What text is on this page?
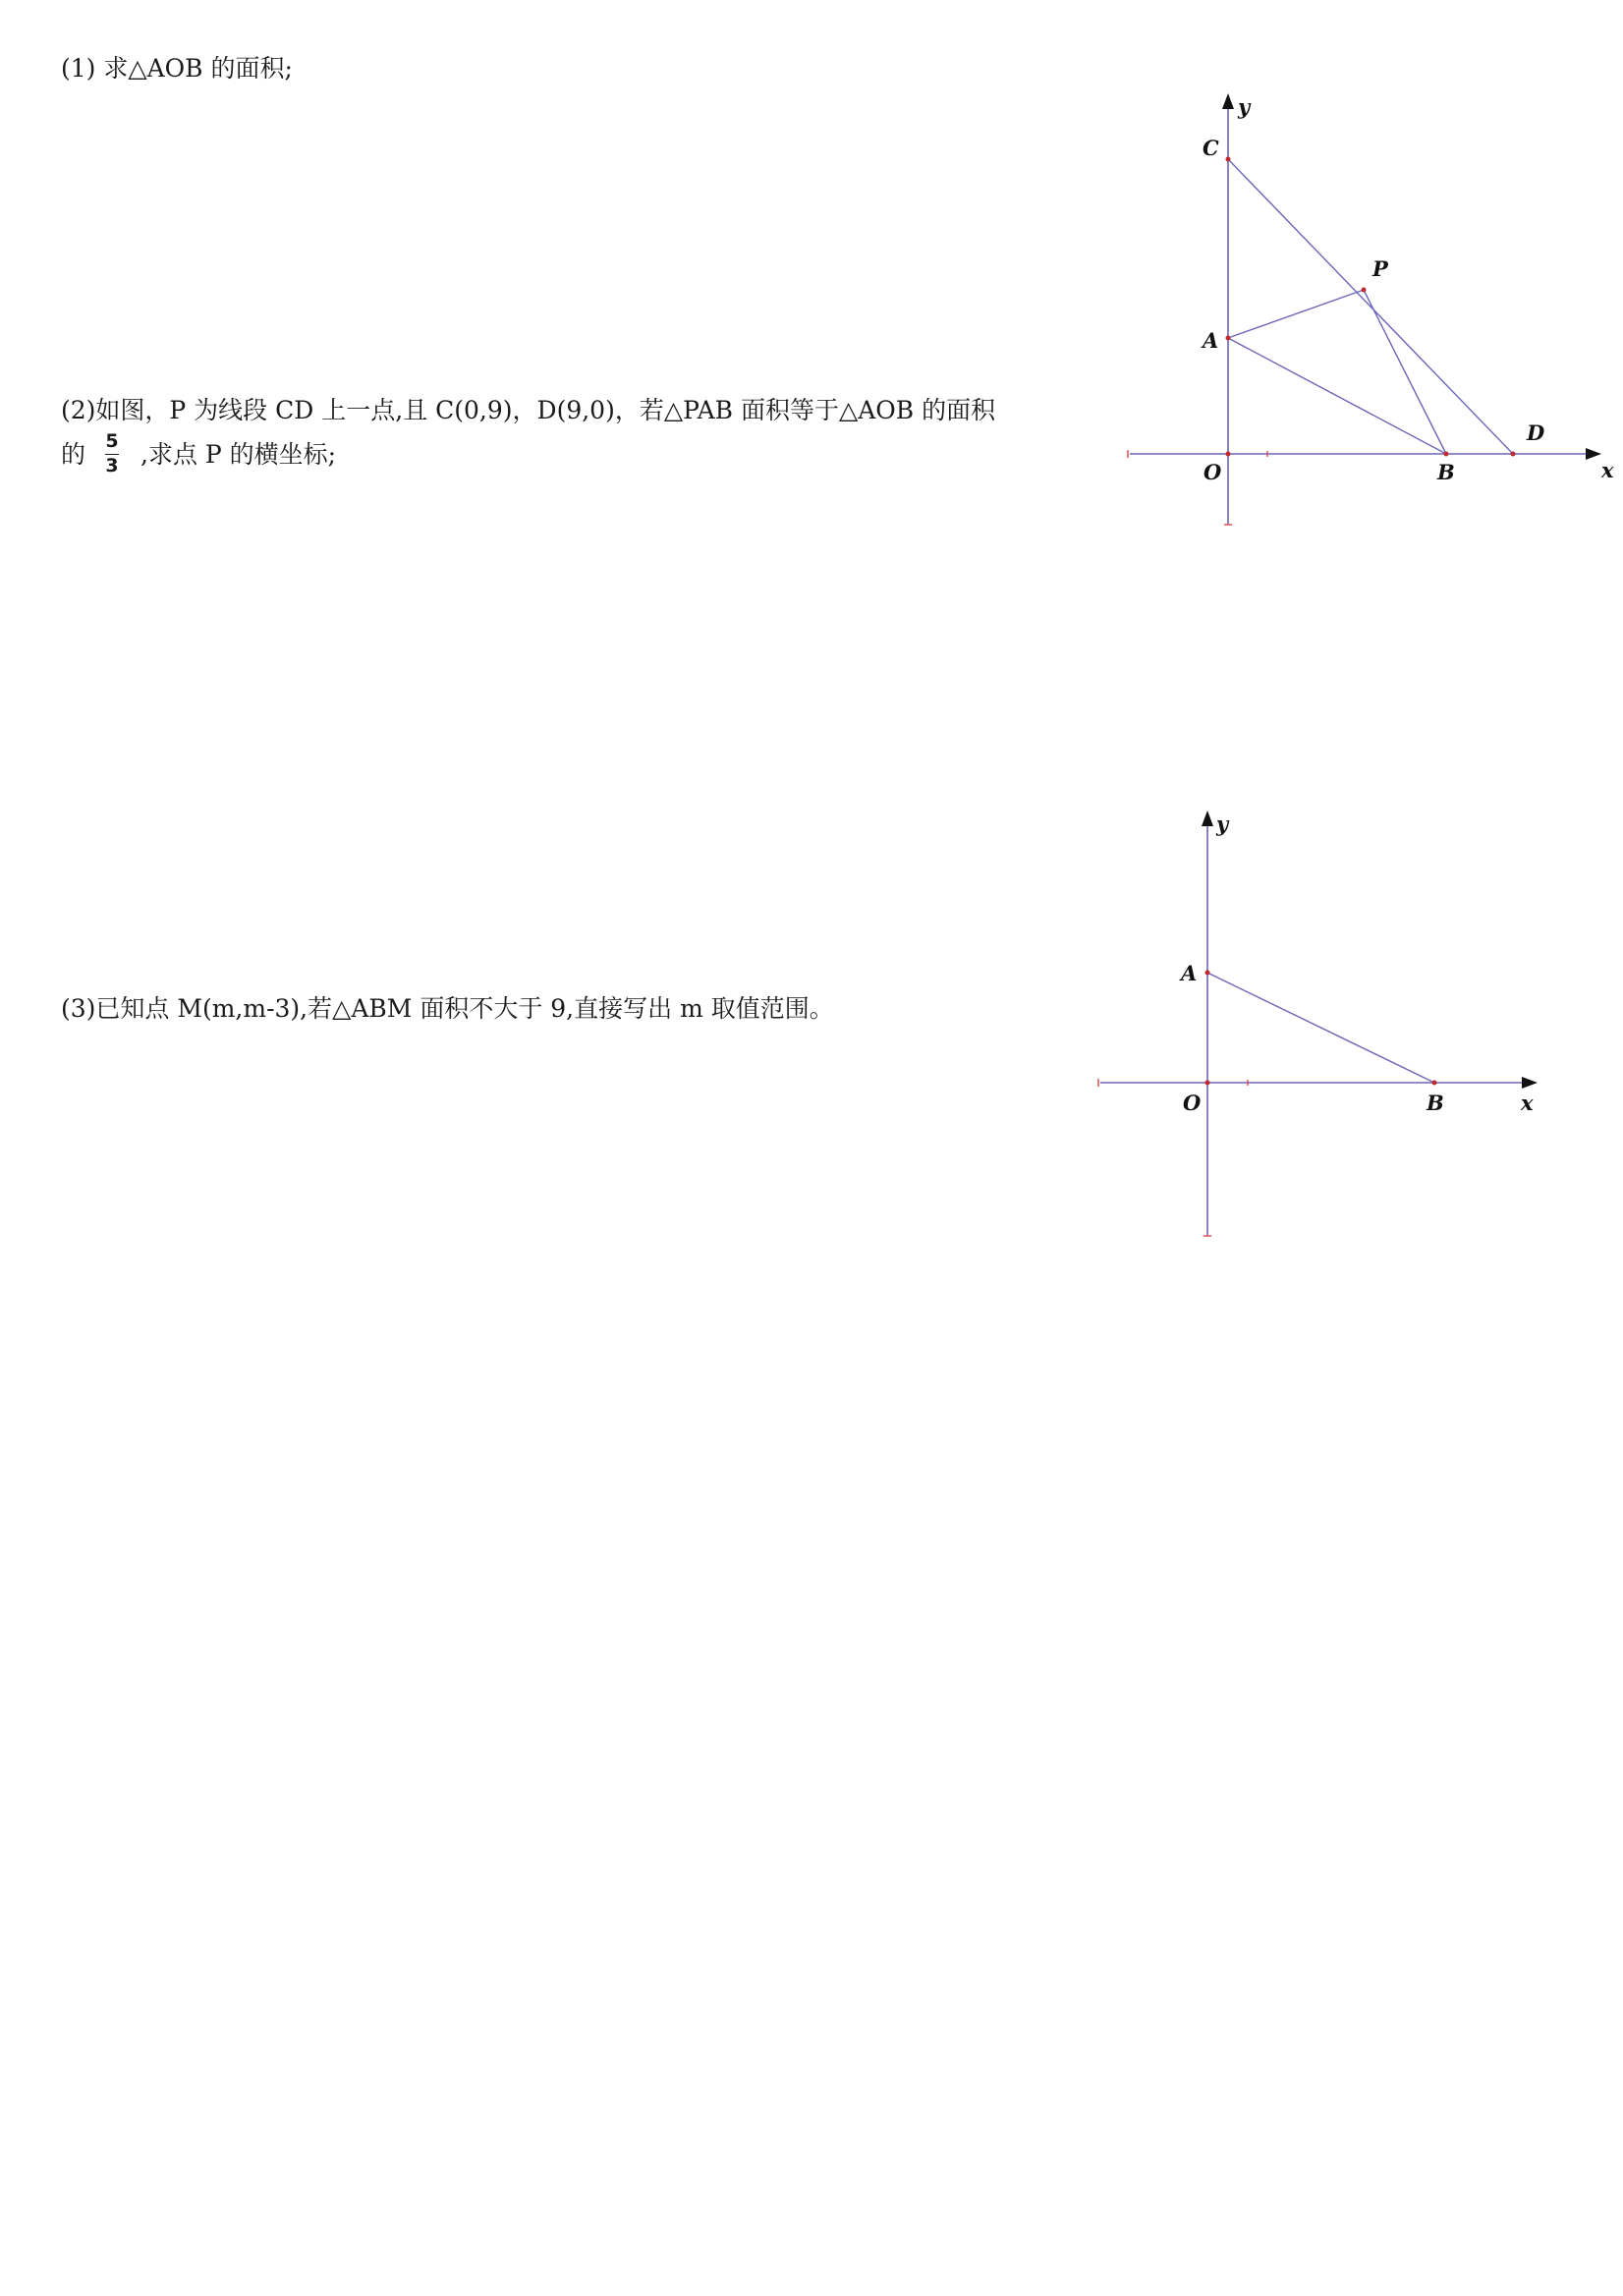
(1) 求△AOB 的面积;
(2)如图，P 为线段 CD 上一点,且 C(0,9)，D(9,0)，若△PAB 面积等于△AOB 的面积
的 $\frac{5}{3}$ ,求点 P 的横坐标;
(3)已知点 M(m,m-3),若△ABM 面积不大于 9,直接写出 m 取值范围。
y
x
O
A
B
C
D
P
y
x
O
A
B
